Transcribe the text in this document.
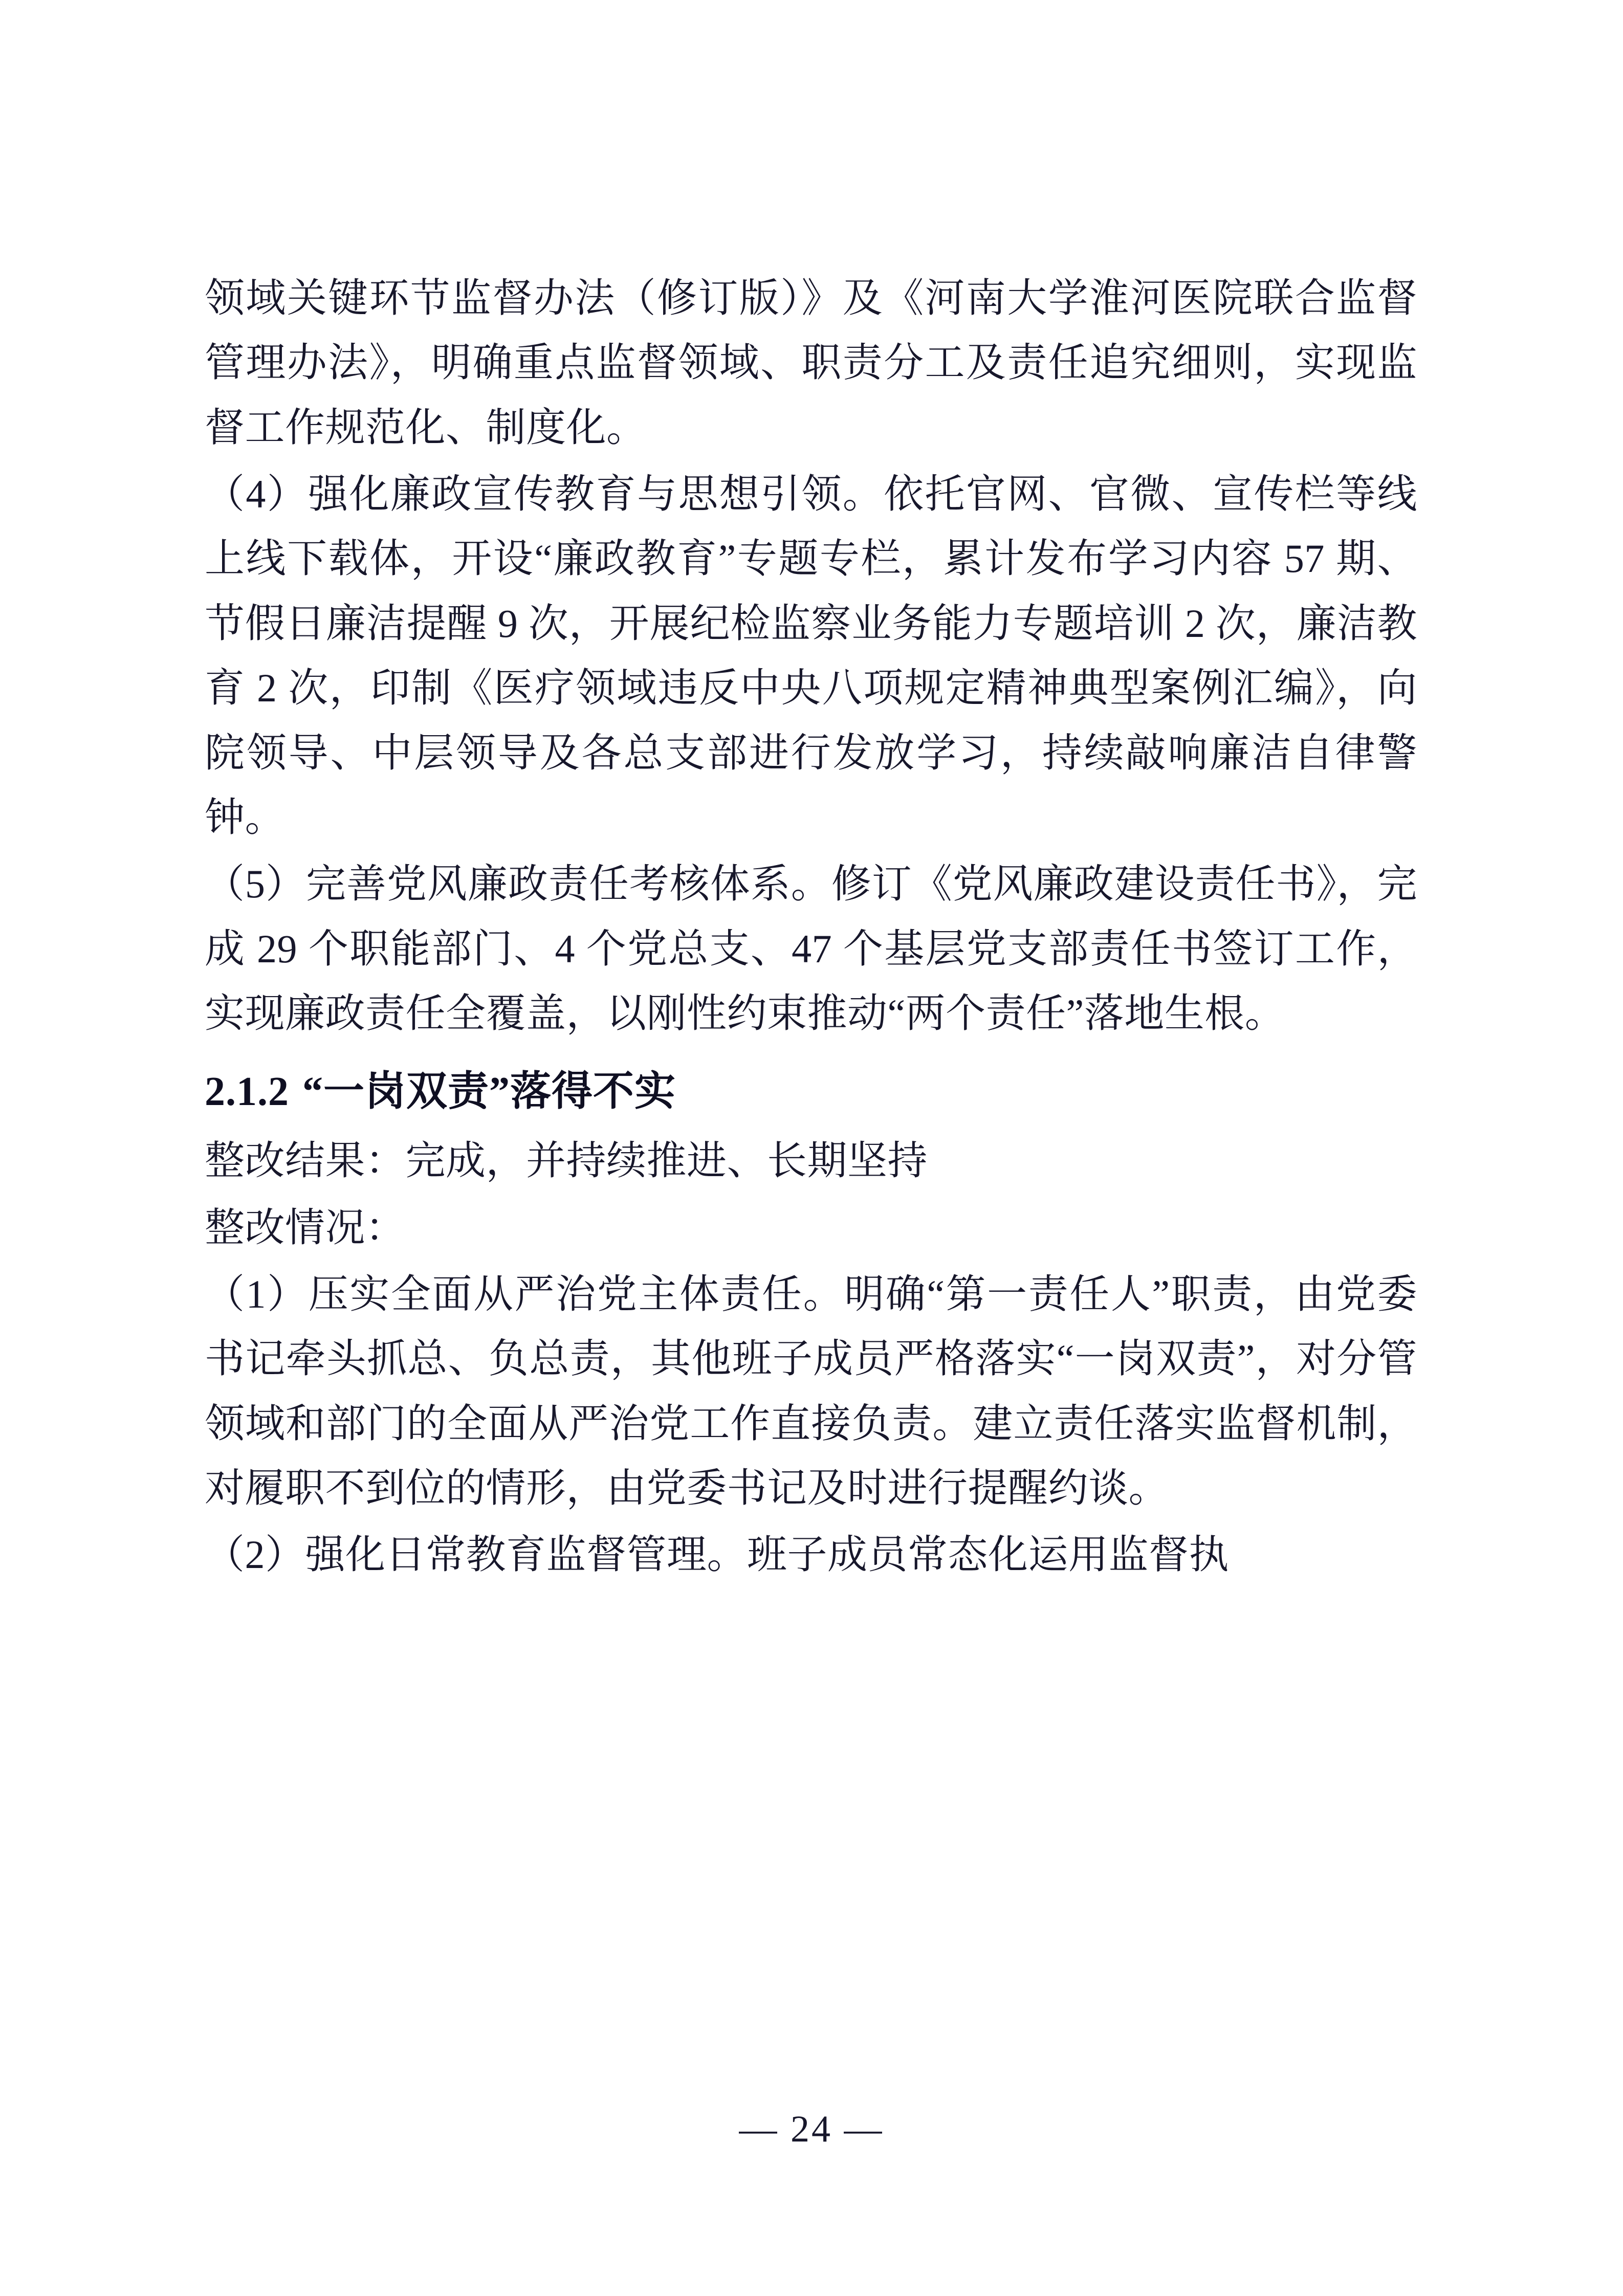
领域关键环节监督办法（修订版）》及《河南大学淮河医院联合监督管理办法》，明确重点监督领域、职责分工及责任追究细则，实现监督工作规范化、制度化。

（4）强化廉政宣传教育与思想引领。依托官网、官微、宣传栏等线上线下载体，开设“廉政教育”专题专栏，累计发布学习内容 57 期、节假日廉洁提醒 9 次，开展纪检监察业务能力专题培训 2 次，廉洁教育 2 次，印制《医疗领域违反中央八项规定精神典型案例汇编》，向院领导、中层领导及各总支部进行发放学习，持续敲响廉洁自律警钟。

（5）完善党风廉政责任考核体系。修订《党风廉政建设责任书》，完成 29 个职能部门、4 个党总支、47 个基层党支部责任书签订工作，实现廉政责任全覆盖，以刚性约束推动“两个责任”落地生根。

2.1.2 “一岗双责”落得不实

整改结果：完成，并持续推进、长期坚持

整改情况：

（1）压实全面从严治党主体责任。明确“第一责任人”职责，由党委书记牵头抓总、负总责，其他班子成员严格落实“一岗双责”，对分管领域和部门的全面从严治党工作直接负责。建立责任落实监督机制，对履职不到位的情形，由党委书记及时进行提醒约谈。

（2）强化日常教育监督管理。班子成员常态化运用监督执

— 24 —
